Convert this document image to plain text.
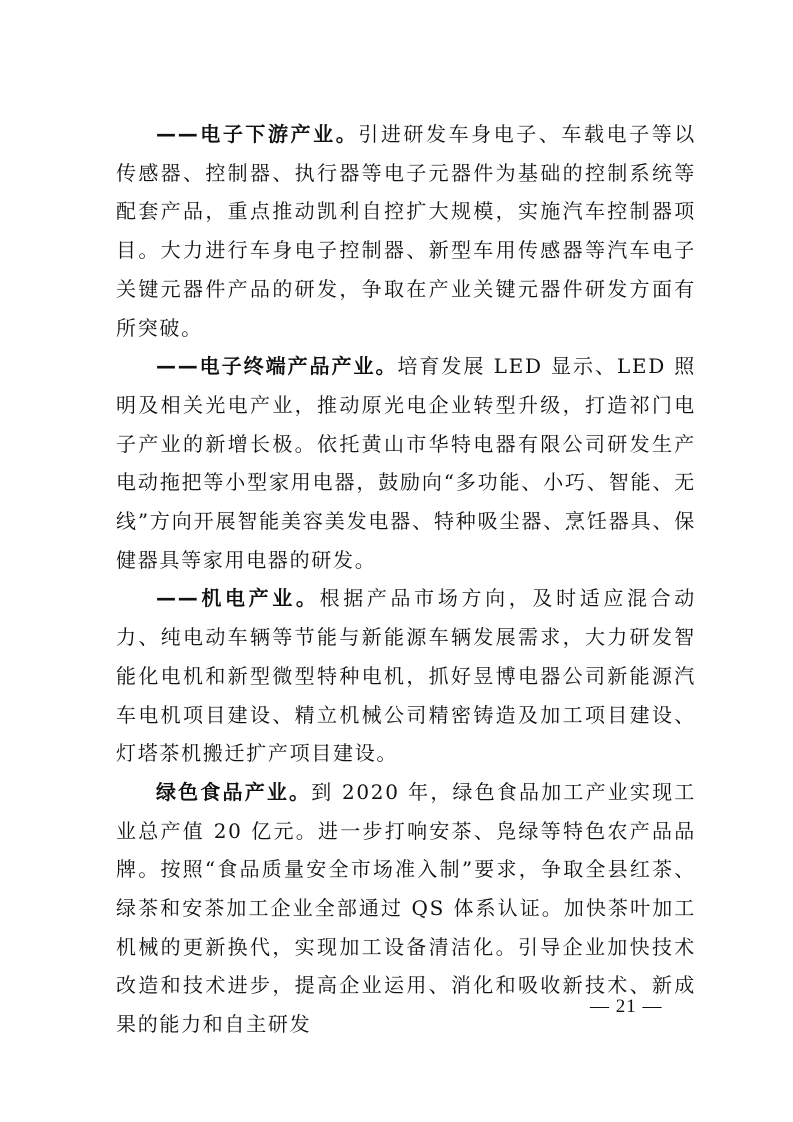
——电子下游产业。引进研发车身电子、车载电子等以传感器、控制器、执行器等电子元器件为基础的控制系统等配套产品，重点推动凯利自控扩大规模，实施汽车控制器项目。大力进行车身电子控制器、新型车用传感器等汽车电子关键元器件产品的研发，争取在产业关键元器件研发方面有所突破。

——电子终端产品产业。培育发展 LED 显示、LED 照明及相关光电产业，推动原光电企业转型升级，打造祁门电子产业的新增长极。依托黄山市华特电器有限公司研发生产电动拖把等小型家用电器，鼓励向“多功能、小巧、智能、无线”方向开展智能美容美发电器、特种吸尘器、烹饪器具、保健器具等家用电器的研发。

——机电产业。根据产品市场方向，及时适应混合动力、纯电动车辆等节能与新能源车辆发展需求，大力研发智能化电机和新型微型特种电机，抓好昱博电器公司新能源汽车电机项目建设、精立机械公司精密铸造及加工项目建设、灯塔茶机搬迁扩产项目建设。

绿色食品产业。到 2020 年，绿色食品加工产业实现工业总产值 20 亿元。进一步打响安茶、凫绿等特色农产品品牌。按照“食品质量安全市场准入制”要求，争取全县红茶、绿茶和安茶加工企业全部通过 QS 体系认证。加快茶叶加工机械的更新换代，实现加工设备清洁化。引导企业加快技术改造和技术进步，提高企业运用、消化和吸收新技术、新成果的能力和自主研发

— 21 —
